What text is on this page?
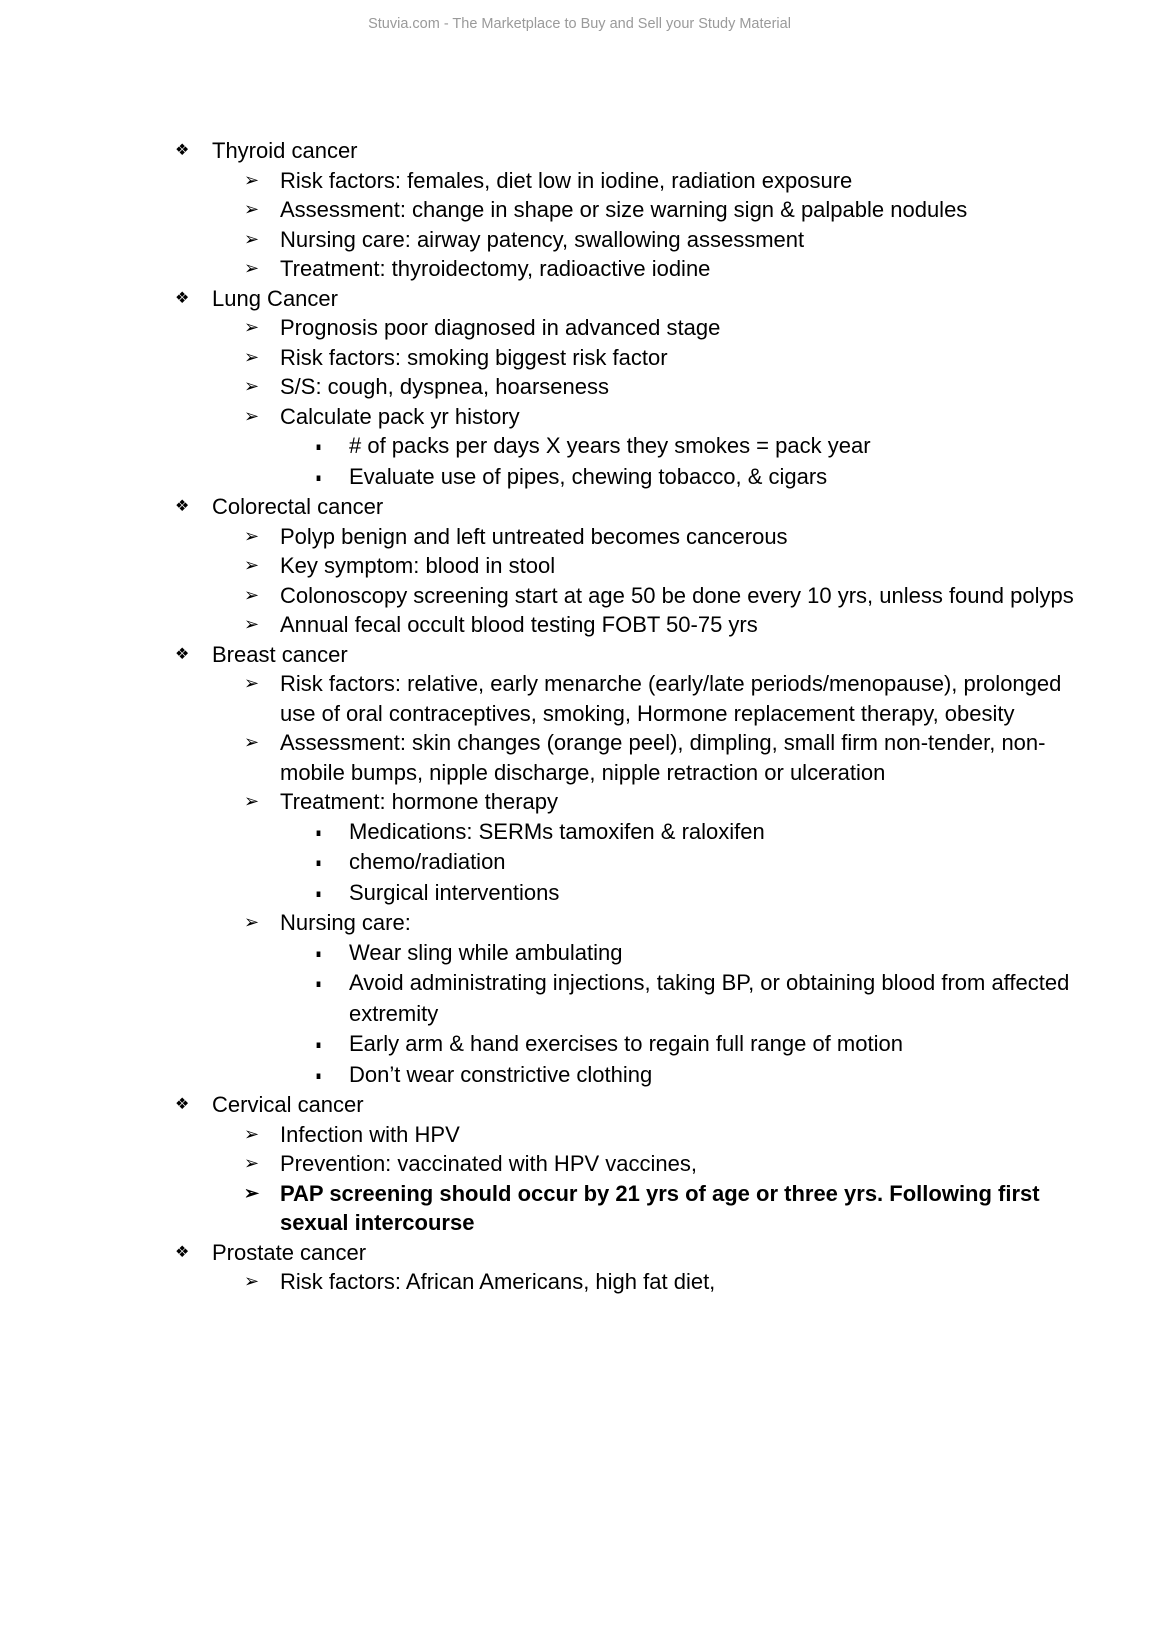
Stuvia.com - The Marketplace to Buy and Sell your Study Material
❖ Thyroid cancer
➢ Risk factors: females, diet low in iodine, radiation exposure
➢ Assessment: change in shape or size warning sign & palpable nodules
➢ Nursing care: airway patency, swallowing assessment
➢ Treatment: thyroidectomy, radioactive iodine
❖ Lung Cancer
➢ Prognosis poor diagnosed in advanced stage
➢ Risk factors: smoking biggest risk factor
➢ S/S: cough, dyspnea, hoarseness
➢ Calculate pack yr history
∎ # of packs per days X years they smokes = pack year
∎ Evaluate use of pipes, chewing tobacco, & cigars
❖ Colorectal cancer
➢ Polyp benign and left untreated becomes cancerous
➢ Key symptom: blood in stool
➢ Colonoscopy screening start at age 50 be done every 10 yrs, unless found polyps
➢ Annual fecal occult blood testing FOBT 50-75 yrs
❖ Breast cancer
➢ Risk factors: relative, early menarche (early/late periods/menopause), prolonged use of oral contraceptives, smoking, Hormone replacement therapy, obesity
➢ Assessment: skin changes (orange peel), dimpling, small firm non-tender, non-mobile bumps, nipple discharge, nipple retraction or ulceration
➢ Treatment: hormone therapy
∎ Medications: SERMs tamoxifen & raloxifen
∎ chemo/radiation
∎ Surgical interventions
➢ Nursing care:
∎ Wear sling while ambulating
∎ Avoid administrating injections, taking BP, or obtaining blood from affected extremity
∎ Early arm & hand exercises to regain full range of motion
∎ Don’t wear constrictive clothing
❖ Cervical cancer
➢ Infection with HPV
➢ Prevention: vaccinated with HPV vaccines,
➢ PAP screening should occur by 21 yrs of age or three yrs. Following first sexual intercourse
❖ Prostate cancer
➢ Risk factors: African Americans, high fat diet,
